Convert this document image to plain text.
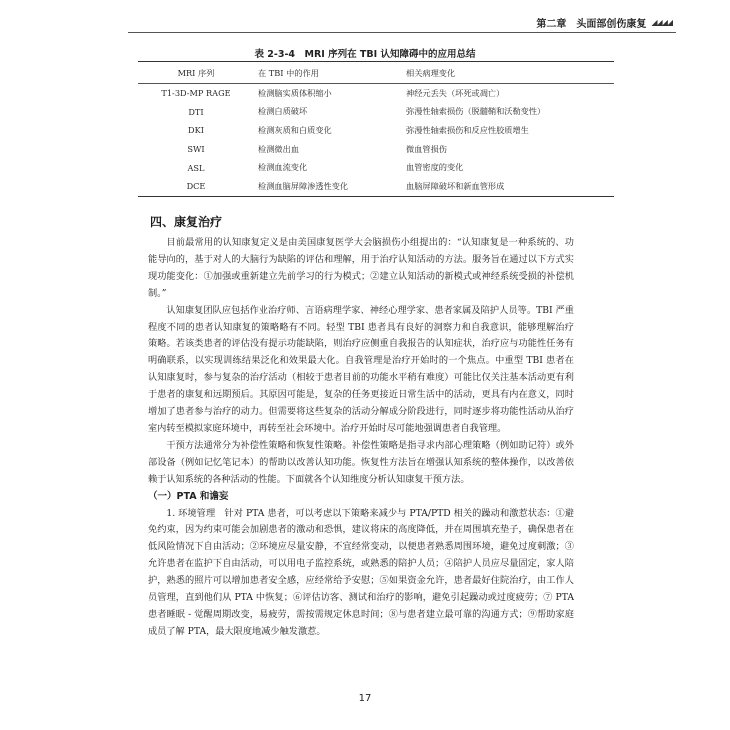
第二章　头面部创伤康复 ◢◢◢◢
表 2-3-4　MRI 序列在 TBI 认知障碍中的应用总结
MRI 序列	在 TBI 中的作用	相关病理变化
T1-3D-MP RAGE	检测脑实质体积缩小	神经元丢失（坏死或凋亡）
DTI	检测白质破坏	弥漫性轴索损伤（脱髓鞘和沃勒变性）
DKI	检测灰质和白质变化	弥漫性轴索损伤和反应性胶质增生
SWI	检测微出血	微血管损伤
ASL	检测血流变化	血管密度的变化
DCE	检测血脑屏障渗透性变化	血脑屏障破坏和新血管形成
四、康复治疗

目前最常用的认知康复定义是由美国康复医学大会脑损伤小组提出的：“认知康复是一种系统的、功能导向的，基于对人的大脑行为缺陷的评估和理解，用于治疗认知活动的方法。服务旨在通过以下方式实现功能变化：①加强或重新建立先前学习的行为模式；②建立认知活动的新模式或神经系统受损的补偿机制。”

认知康复团队应包括作业治疗师、言语病理学家、神经心理学家、患者家属及陪护人员等。TBI 严重程度不同的患者认知康复的策略略有不同。轻型 TBI 患者具有良好的洞察力和自我意识，能够理解治疗策略。若该类患者的评估没有提示功能缺陷，则治疗应侧重自我报告的认知症状，治疗应与功能性任务有明确联系，以实现训练结果泛化和效果最大化。自我管理是治疗开始时的一个焦点。中重型 TBI 患者在认知康复时，参与复杂的治疗活动（相较于患者目前的功能水平稍有难度）可能比仅关注基本活动更有利于患者的康复和远期预后。其原因可能是，复杂的任务更接近日常生活中的活动，更具有内在意义，同时增加了患者参与治疗的动力。但需要将这些复杂的活动分解成分阶段进行，同时逐步将功能性活动从治疗室内转至模拟家庭环境中，再转至社会环境中。治疗开始时尽可能地强调患者自我管理。

干预方法通常分为补偿性策略和恢复性策略。补偿性策略是指寻求内部心理策略（例如助记符）或外部设备（例如记忆笔记本）的帮助以改善认知功能。恢复性方法旨在增强认知系统的整体操作，以改善依赖于认知系统的各种活动的性能。下面就各个认知维度分析认知康复干预方法。

（一）PTA 和谵妄

1. 环境管理　针对 PTA 患者，可以考虑以下策略来减少与 PTA/PTD 相关的躁动和激惹状态：①避免约束，因为约束可能会加剧患者的激动和恐惧，建议将床的高度降低，并在周围填充垫子，确保患者在低风险情况下自由活动；②环境应尽量安静，不宜经常变动，以便患者熟悉周围环境，避免过度刺激；③允许患者在监护下自由活动，可以用电子监控系统，或熟悉的陪护人员；④陪护人员应尽量固定，家人陪护，熟悉的照片可以增加患者安全感，应经常给予安慰；⑤如果资金允许，患者最好住院治疗，由工作人员管理，直到他们从 PTA 中恢复；⑥评估访客、测试和治疗的影响，避免引起躁动或过度疲劳；⑦ PTA 患者睡眠 - 觉醒周期改变，易疲劳，需按需规定休息时间；⑧与患者建立最可靠的沟通方式；⑨帮助家庭成员了解 PTA，最大限度地减少触发激惹。

17
